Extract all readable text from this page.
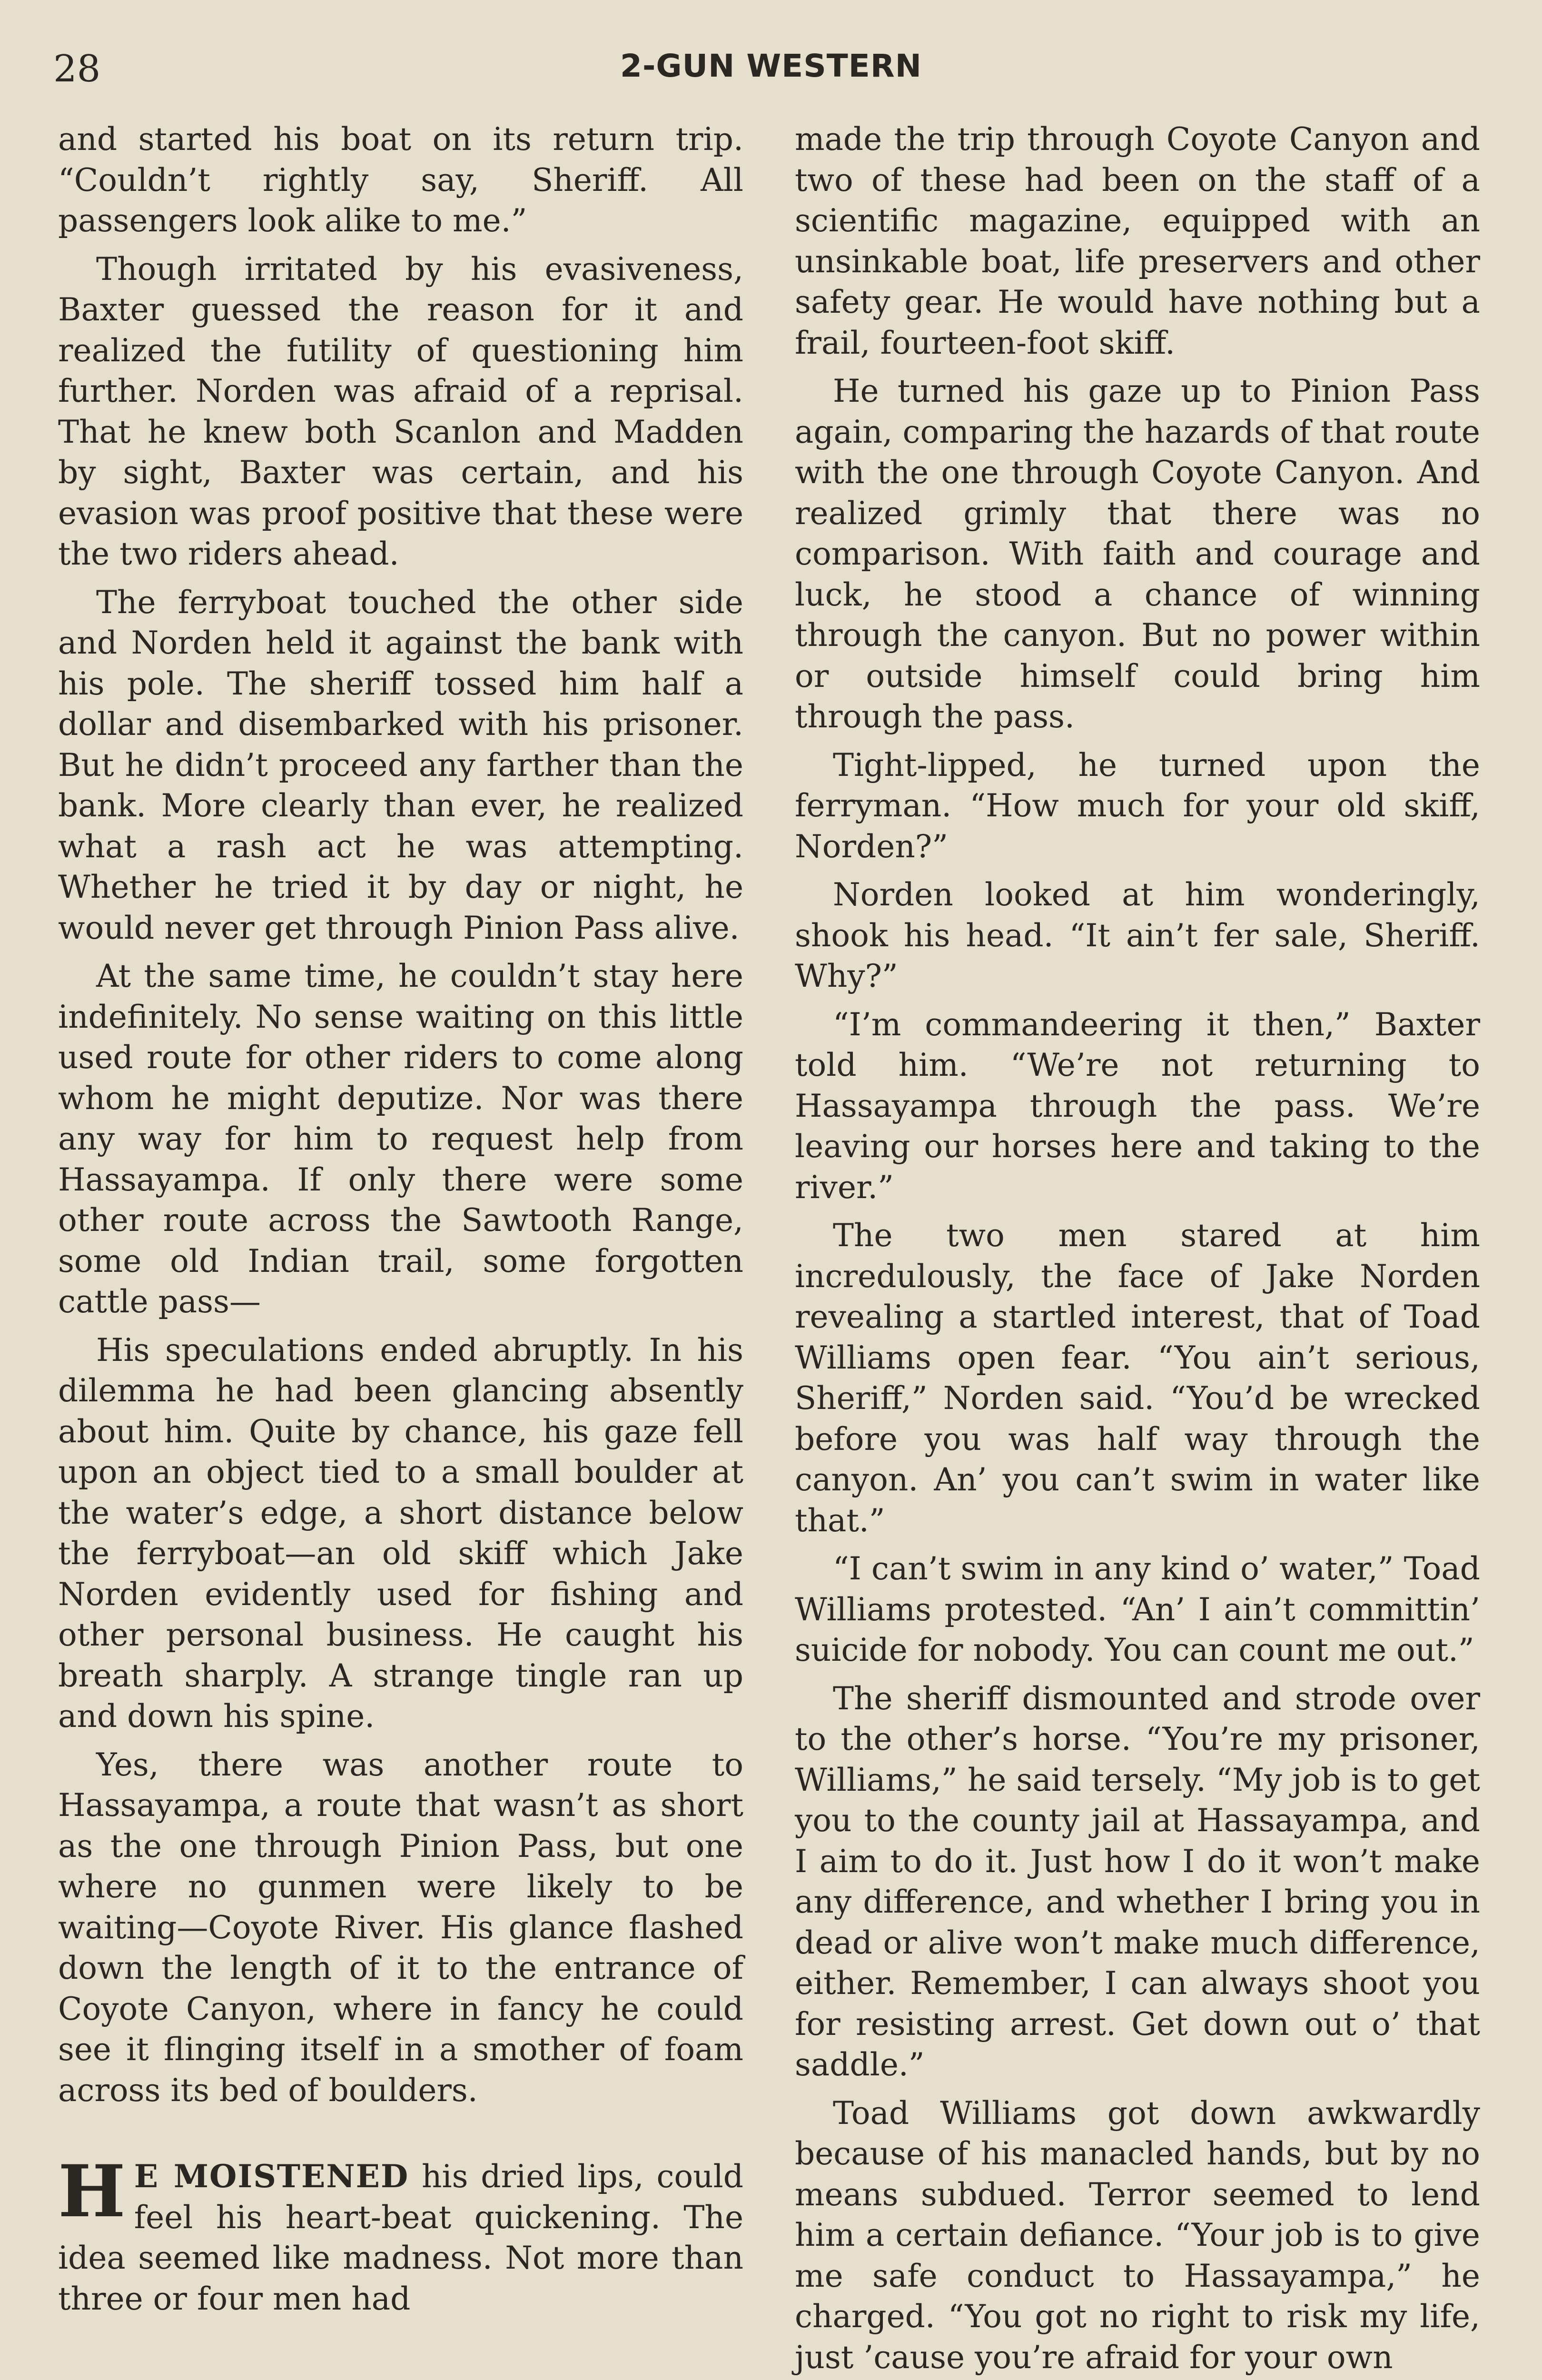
28	2-GUN WESTERN

and started his boat on its return trip. “Couldn’t rightly say, Sheriff. All passengers look alike to me.”

Though irritated by his evasiveness, Baxter guessed the reason for it and realized the futility of questioning him further. Norden was afraid of a reprisal. That he knew both Scanlon and Madden by sight, Baxter was certain, and his evasion was proof positive that these were the two riders ahead.

The ferryboat touched the other side and Norden held it against the bank with his pole. The sheriff tossed him half a dollar and disembarked with his prisoner. But he didn’t proceed any farther than the bank. More clearly than ever, he realized what a rash act he was attempting. Whether he tried it by day or night, he would never get through Pinion Pass alive.

At the same time, he couldn’t stay here indefinitely. No sense waiting on this little used route for other riders to come along whom he might deputize. Nor was there any way for him to request help from Hassayampa. If only there were some other route across the Sawtooth Range, some old Indian trail, some forgotten cattle pass—

His speculations ended abruptly. In his dilemma he had been glancing absently about him. Quite by chance, his gaze fell upon an object tied to a small boulder at the water’s edge, a short distance below the ferryboat—an old skiff which Jake Norden evidently used for fishing and other personal business. He caught his breath sharply. A strange tingle ran up and down his spine.

Yes, there was another route to Hassayampa, a route that wasn’t as short as the one through Pinion Pass, but one where no gunmen were likely to be waiting—Coyote River. His glance flashed down the length of it to the entrance of Coyote Canyon, where in fancy he could see it flinging itself in a smother of foam across its bed of boulders.

H E MOISTENED his dried lips, could feel his heart-beat quickening. The idea seemed like madness. Not more than three or four men had

made the trip through Coyote Canyon and two of these had been on the staff of a scientific magazine, equipped with an unsinkable boat, life preservers and other safety gear. He would have nothing but a frail, fourteen-foot skiff.

He turned his gaze up to Pinion Pass again, comparing the hazards of that route with the one through Coyote Canyon. And realized grimly that there was no comparison. With faith and courage and luck, he stood a chance of winning through the canyon. But no power within or outside himself could bring him through the pass.

Tight-lipped, he turned upon the ferryman. “How much for your old skiff, Norden?”

Norden looked at him wonderingly, shook his head. “It ain’t fer sale, Sheriff. Why?”

“I’m commandeering it then,” Baxter told him. “We’re not returning to Hassayampa through the pass. We’re leaving our horses here and taking to the river.”

The two men stared at him incredulously, the face of Jake Norden revealing a startled interest, that of Toad Williams open fear. “You ain’t serious, Sheriff,” Norden said. “You’d be wrecked before you was half way through the canyon. An’ you can’t swim in water like that.”

“I can’t swim in any kind o’ water,” Toad Williams protested. “An’ I ain’t committin’ suicide for nobody. You can count me out.”

The sheriff dismounted and strode over to the other’s horse. “You’re my prisoner, Williams,” he said tersely. “My job is to get you to the county jail at Hassayampa, and I aim to do it. Just how I do it won’t make any difference, and whether I bring you in dead or alive won’t make much difference, either. Remember, I can always shoot you for resisting arrest. Get down out o’ that saddle.”

Toad Williams got down awkwardly because of his manacled hands, but by no means subdued. Terror seemed to lend him a certain defiance. “Your job is to give me safe conduct to Hassayampa,” he charged. “You got no right to risk my life, just ’cause you’re afraid for your own
